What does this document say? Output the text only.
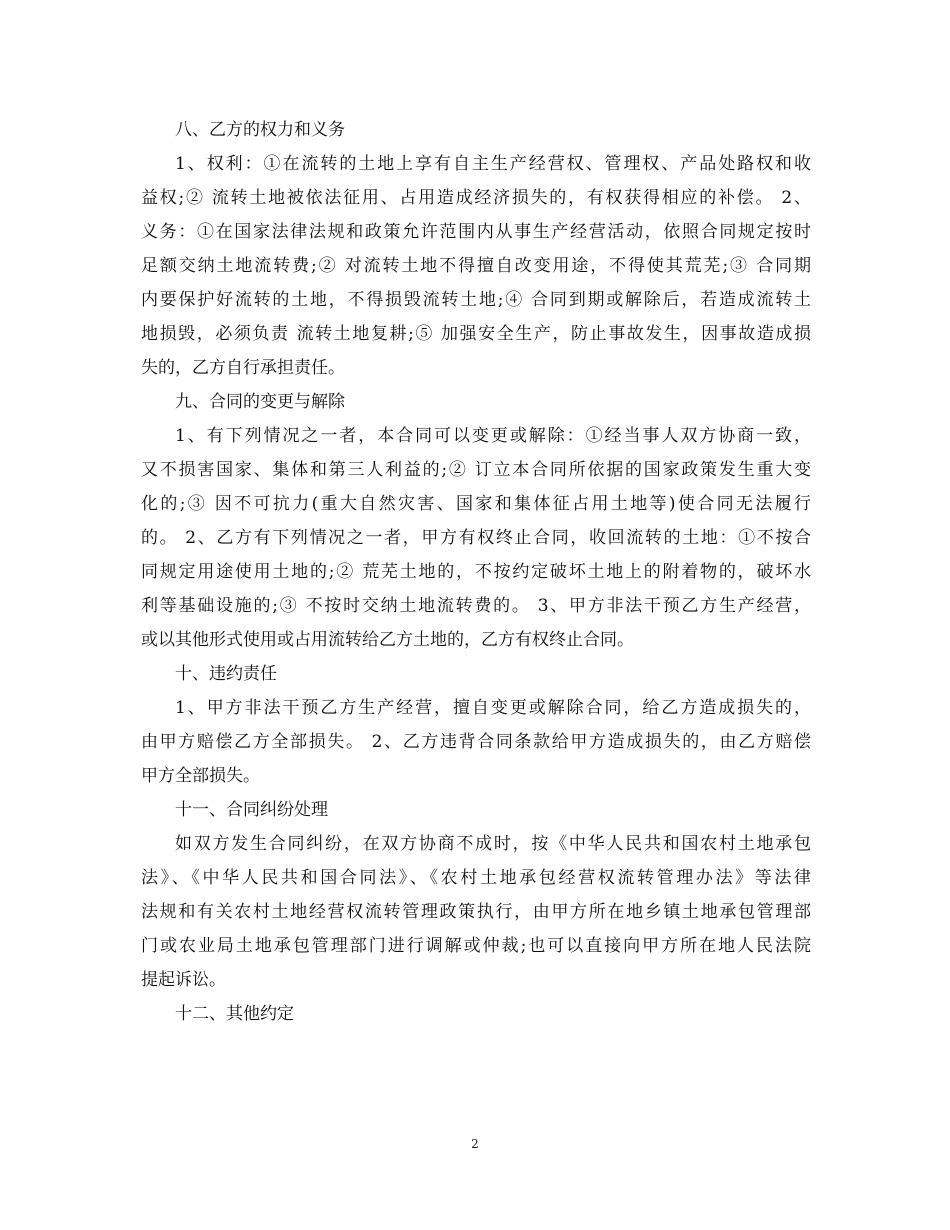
八、乙方的权力和义务
1、权利：①在流转的土地上享有自主生产经营权、管理权、产品处路权和收
益权;② 流转土地被依法征用、占用造成经济损失的，有权获得相应的补偿。 2、
义务：①在国家法律法规和政策允许范围内从事生产经营活动，依照合同规定按时
足额交纳土地流转费;② 对流转土地不得擅自改变用途，不得使其荒芜;③ 合同期
内要保护好流转的土地，不得损毁流转土地;④ 合同到期或解除后，若造成流转土
地损毁，必须负责 流转土地复耕;⑤ 加强安全生产，防止事故发生，因事故造成损
失的，乙方自行承担责任。
九、合同的变更与解除
1、有下列情况之一者，本合同可以变更或解除：①经当事人双方协商一致，
又不损害国家、集体和第三人利益的;② 订立本合同所依据的国家政策发生重大变
化的;③ 因不可抗力(重大自然灾害、国家和集体征占用土地等)使合同无法履行
的。 2、乙方有下列情况之一者，甲方有权终止合同，收回流转的土地：①不按合
同规定用途使用土地的;② 荒芜土地的，不按约定破坏土地上的附着物的，破坏水
利等基础设施的;③ 不按时交纳土地流转费的。 3、甲方非法干预乙方生产经营，
或以其他形式使用或占用流转给乙方土地的，乙方有权终止合同。
十、违约责任
1、甲方非法干预乙方生产经营，擅自变更或解除合同，给乙方造成损失的，
由甲方赔偿乙方全部损失。 2、乙方违背合同条款给甲方造成损失的，由乙方赔偿
甲方全部损失。
十一、合同纠纷处理
如双方发生合同纠纷，在双方协商不成时，按《中华人民共和国农村土地承包
法》、《中华人民共和国合同法》、《农村土地承包经营权流转管理办法》等法律
法规和有关农村土地经营权流转管理政策执行，由甲方所在地乡镇土地承包管理部
门或农业局土地承包管理部门进行调解或仲裁;也可以直接向甲方所在地人民法院
提起诉讼。
十二、其他约定
2
